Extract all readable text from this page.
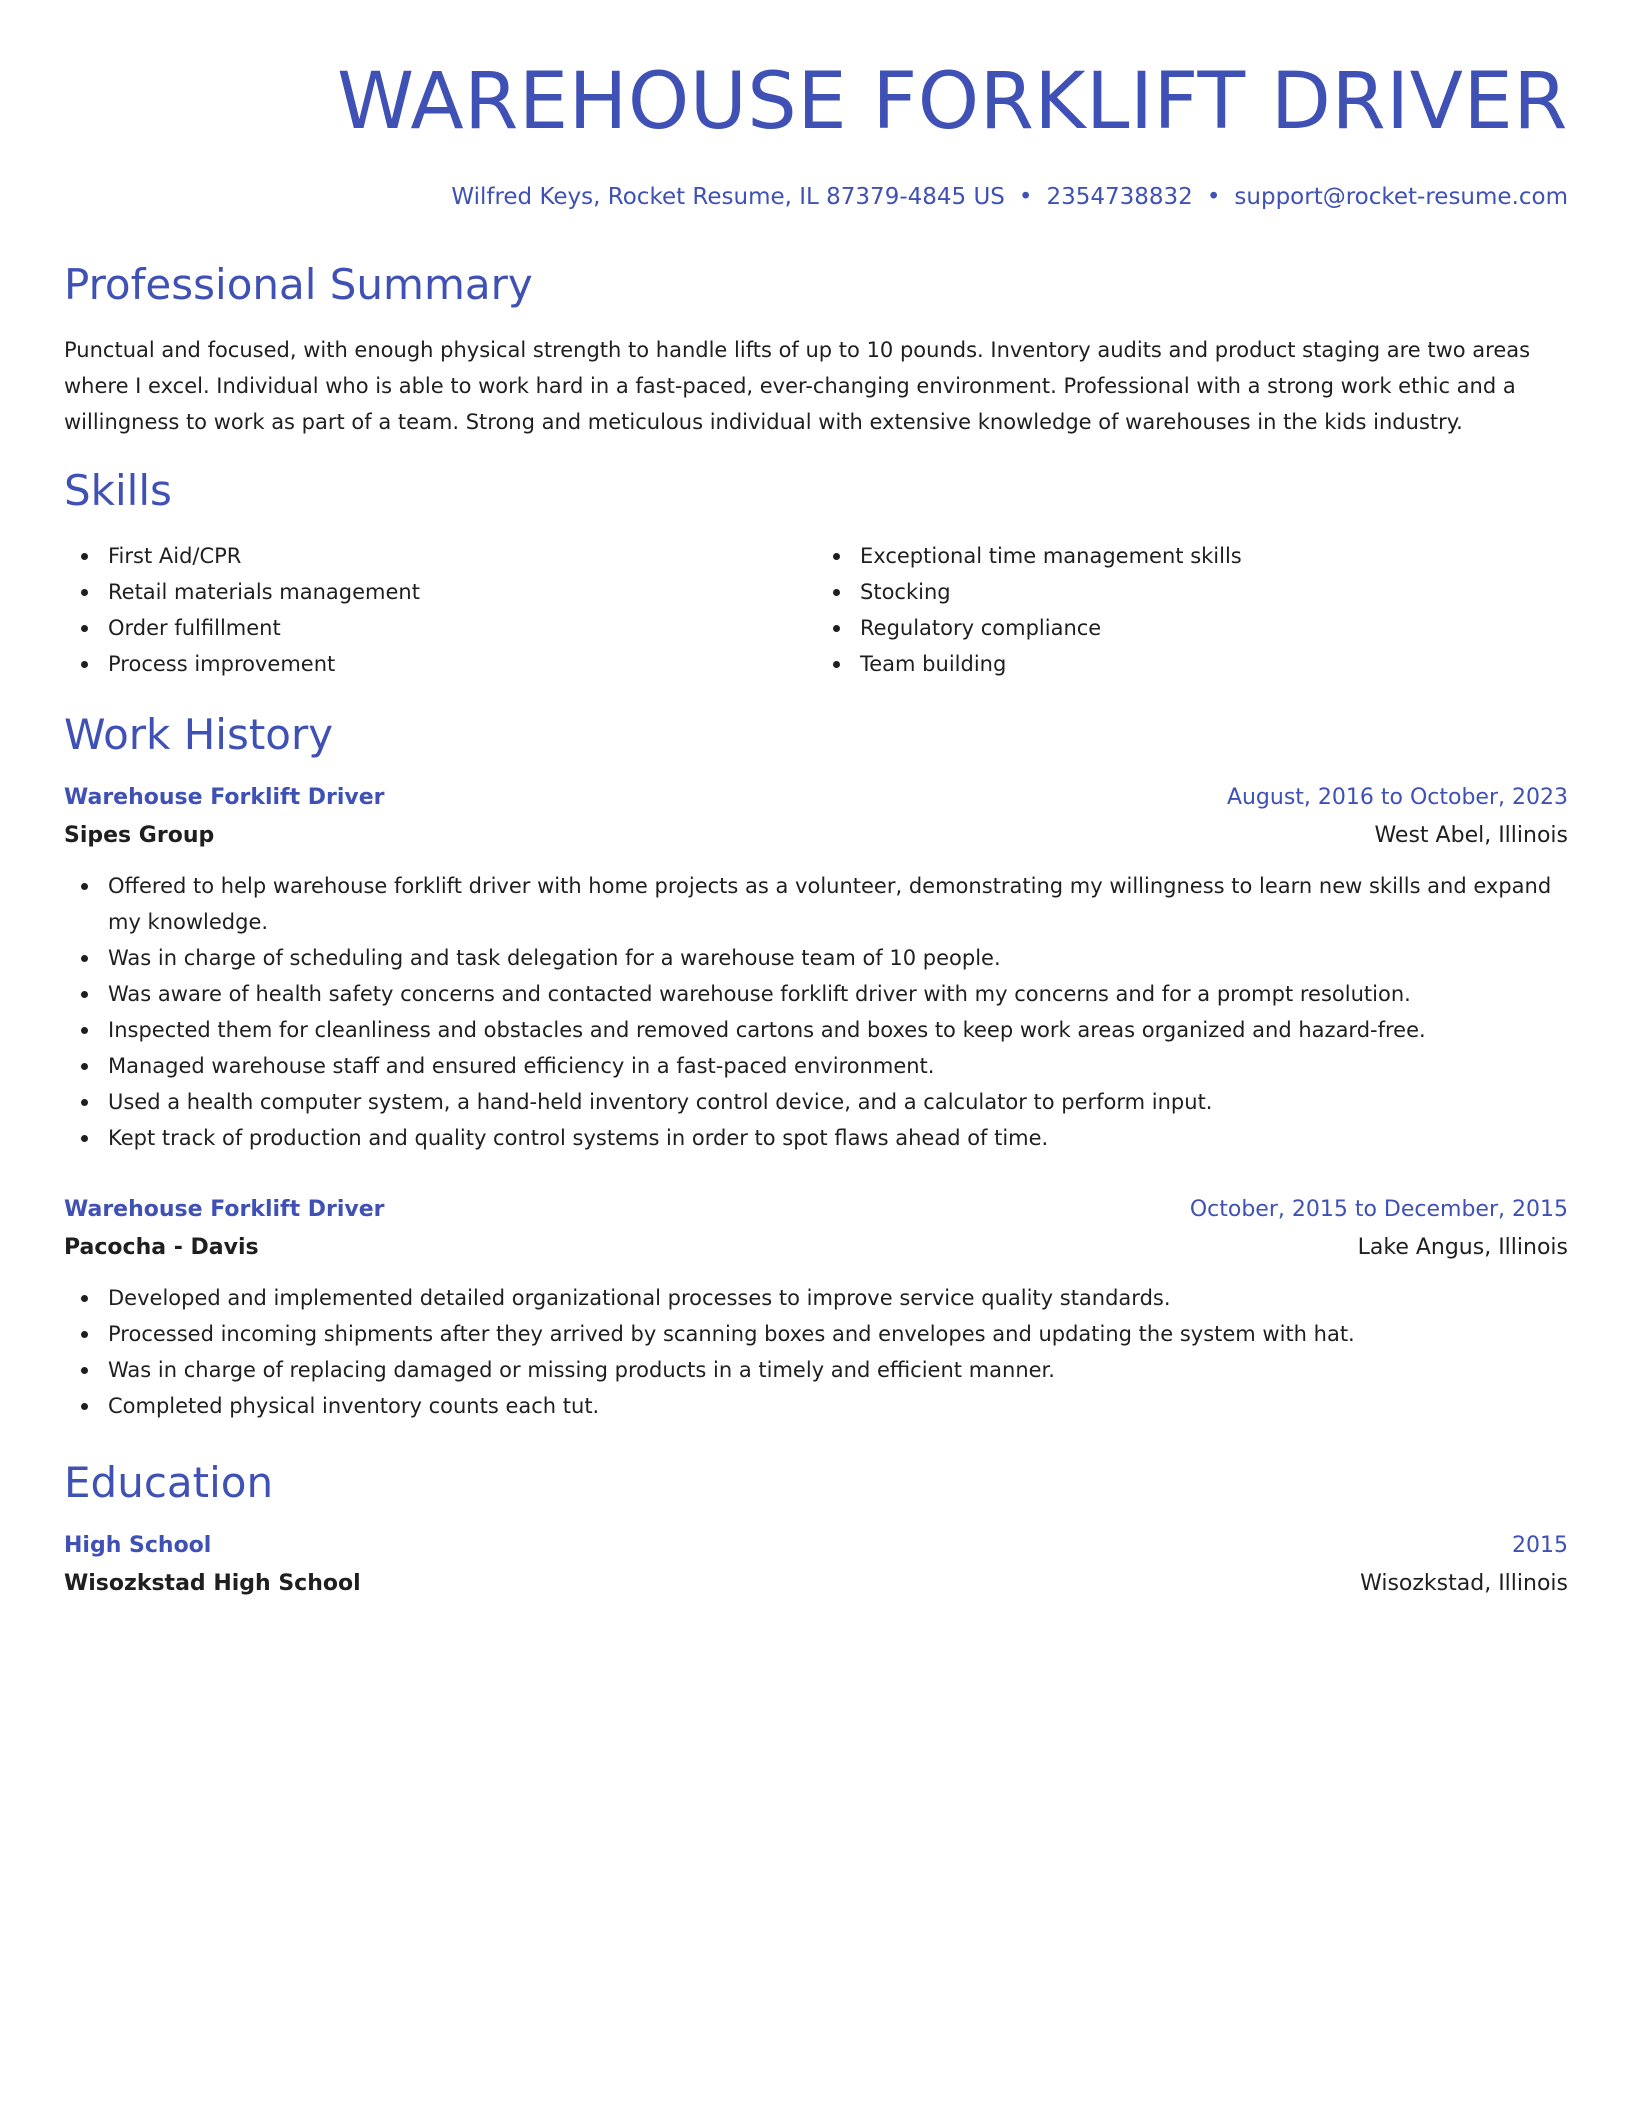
WAREHOUSE FORKLIFT DRIVER
Wilfred Keys, Rocket Resume, IL 87379-4845 US • 2354738832 • support@rocket-resume.com
Professional Summary
Punctual and focused, with enough physical strength to handle lifts of up to 10 pounds. Inventory audits and product staging are two areas where I excel. Individual who is able to work hard in a fast-paced, ever-changing environment. Professional with a strong work ethic and a willingness to work as part of a team. Strong and meticulous individual with extensive knowledge of warehouses in the kids industry.
Skills
First Aid/CPR
Retail materials management
Order fulfillment
Process improvement
Exceptional time management skills
Stocking
Regulatory compliance
Team building
Work History
Warehouse Forklift Driver	August, 2016 to October, 2023
Sipes Group	West Abel, Illinois
Offered to help warehouse forklift driver with home projects as a volunteer, demonstrating my willingness to learn new skills and expand my knowledge.
Was in charge of scheduling and task delegation for a warehouse team of 10 people.
Was aware of health safety concerns and contacted warehouse forklift driver with my concerns and for a prompt resolution.
Inspected them for cleanliness and obstacles and removed cartons and boxes to keep work areas organized and hazard-free.
Managed warehouse staff and ensured efficiency in a fast-paced environment.
Used a health computer system, a hand-held inventory control device, and a calculator to perform input.
Kept track of production and quality control systems in order to spot flaws ahead of time.
Warehouse Forklift Driver	October, 2015 to December, 2015
Pacocha - Davis	Lake Angus, Illinois
Developed and implemented detailed organizational processes to improve service quality standards.
Processed incoming shipments after they arrived by scanning boxes and envelopes and updating the system with hat.
Was in charge of replacing damaged or missing products in a timely and efficient manner.
Completed physical inventory counts each tut.
Education
High School	2015
Wisozkstad High School	Wisozkstad, Illinois
